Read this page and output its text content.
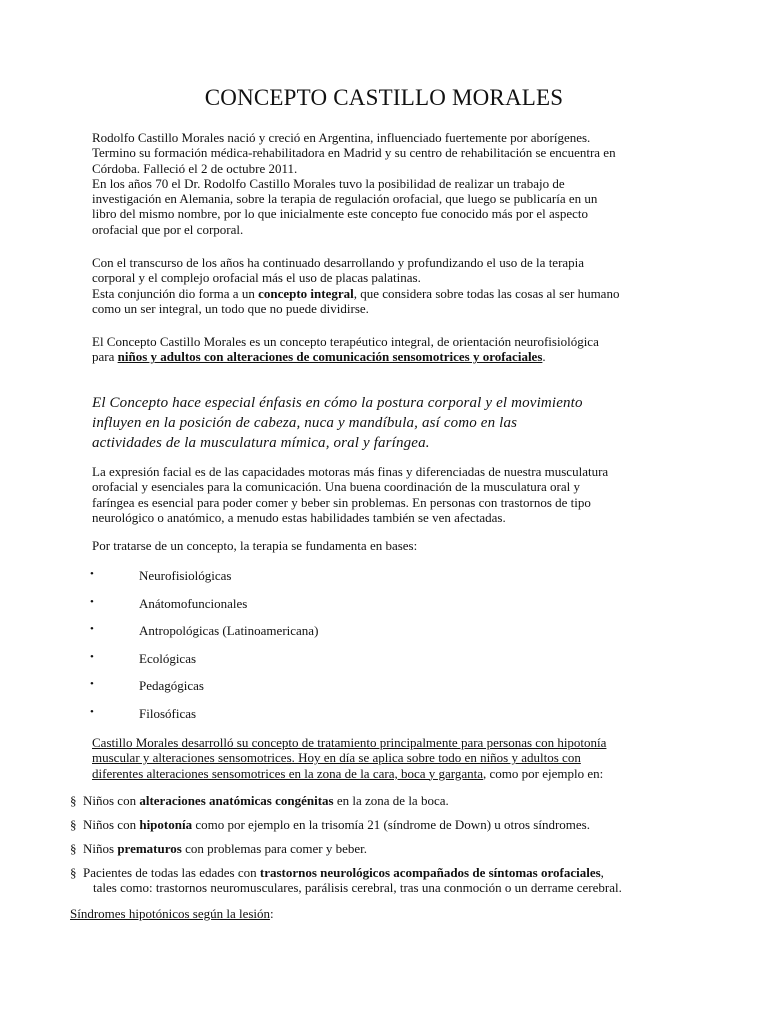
CONCEPTO CASTILLO MORALES

Rodolfo Castillo Morales nació y creció en Argentina, influenciado fuertemente por aborígenes.

Termino su formación médica-rehabilitadora en Madrid y su centro de rehabilitación se encuentra en

Córdoba. Falleció el 2 de octubre 2011.

En los años 70 el Dr. Rodolfo Castillo Morales tuvo la posibilidad de realizar un trabajo de

investigación en Alemania, sobre la terapia de regulación orofacial, que luego se publicaría en un

libro del mismo nombre, por lo que inicialmente este concepto fue conocido más por el aspecto

orofacial que por el corporal.

Con el transcurso de los años ha continuado desarrollando y profundizando el uso de la terapia

corporal y el complejo orofacial más el uso de placas palatinas.

Esta conjunción dio forma a un concepto integral, que considera sobre todas las cosas al ser humano

como un ser integral, un todo que no puede dividirse.

El Concepto Castillo Morales es un concepto terapéutico integral, de orientación neurofisiológica

para niños y adultos con alteraciones de comunicación sensomotrices y orofaciales.

El Concepto hace especial énfasis en cómo la postura corporal y el movimiento
influyen en la posición de cabeza, nuca y mandíbula, así como en las
actividades de la musculatura mímica, oral y faríngea.

La expresión facial es de las capacidades motoras más finas y diferenciadas de nuestra musculatura

orofacial y esenciales para la comunicación. Una buena coordinación de la musculatura oral y

faríngea es esencial para poder comer y beber sin problemas. En personas con trastornos de tipo

neurológico o anatómico, a menudo estas habilidades también se ven afectadas.

Por tratarse de un concepto, la terapia se fundamenta en bases:
•	Neurofisiológicas
•	Anátomofuncionales
•	Antropológicas (Latinoamericana)
•	Ecológicas
•	Pedagógicas
•	Filosóficas

Castillo Morales desarrolló su concepto de tratamiento principalmente para personas con hipotonía

muscular y alteraciones sensomotrices. Hoy en día se aplica sobre todo en niños y adultos con

diferentes alteraciones sensomotrices en la zona de la cara, boca y garganta, como por ejemplo en:

§ Niños con alteraciones anatómicas congénitas en la zona de la boca.
§ Niños con hipotonía como por ejemplo en la trisomía 21 (síndrome de Down) u otros síndromes.
§ Niños prematuros con problemas para comer y beber.
§ Pacientes de todas las edades con trastornos neurológicos acompañados de síntomas orofaciales,
tales como: trastornos neuromusculares, parálisis cerebral, tras una conmoción o un derrame cerebral.
Síndromes hipotónicos según la lesión:
